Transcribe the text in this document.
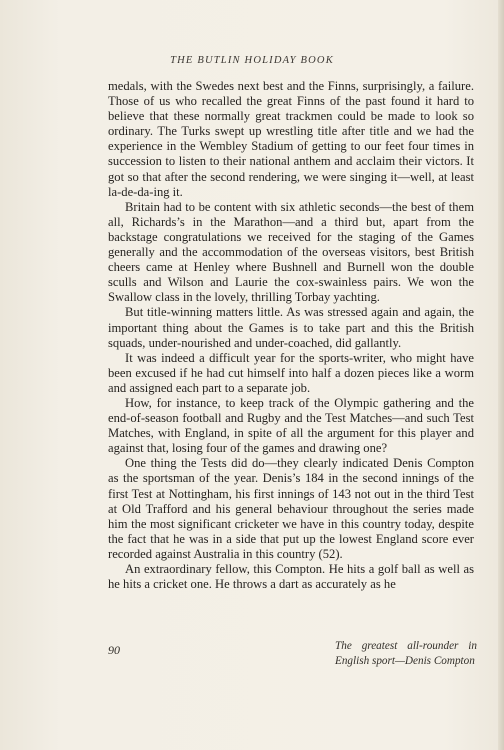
THE BUTLIN HOLIDAY BOOK

medals, with the Swedes next best and the Finns, surprisingly, a failure. Those of us who recalled the great Finns of the past found it hard to believe that these normally great trackmen could be made to look so ordinary. The Turks swept up wrestling title after title and we had the experience in the Wembley Stadium of getting to our feet four times in succession to listen to their national anthem and acclaim their victors. It got so that after the second rendering, we were singing it—well, at least la-de-da-ing it.

Britain had to be content with six athletic seconds—the best of them all, Richards’s in the Marathon—and a third but, apart from the backstage congratulations we received for the staging of the Games generally and the accommodation of the overseas visitors, best British cheers came at Henley where Bushnell and Burnell won the double sculls and Wilson and Laurie the cox-swainless pairs. We won the Swallow class in the lovely, thrilling Torbay yachting.

But title-winning matters little. As was stressed again and again, the important thing about the Games is to take part and this the British squads, under-nourished and under-coached, did gallantly.

It was indeed a difficult year for the sports-writer, who might have been excused if he had cut himself into half a dozen pieces like a worm and assigned each part to a separate job.

How, for instance, to keep track of the Olympic gathering and the end-of-season football and Rugby and the Test Matches—and such Test Matches, with England, in spite of all the argument for this player and against that, losing four of the games and drawing one?

One thing the Tests did do—they clearly indicated Denis Compton as the sportsman of the year. Denis’s 184 in the second innings of the first Test at Nottingham, his first innings of 143 not out in the third Test at Old Trafford and his general behaviour throughout the series made him the most significant cricketer we have in this country today, despite the fact that he was in a side that put up the lowest England score ever recorded against Australia in this country (52).

An extraordinary fellow, this Compton. He hits a golf ball as well as he hits a cricket one. He throws a dart as accurately as he

90	The greatest all-rounder in
English sport—Denis Compton
